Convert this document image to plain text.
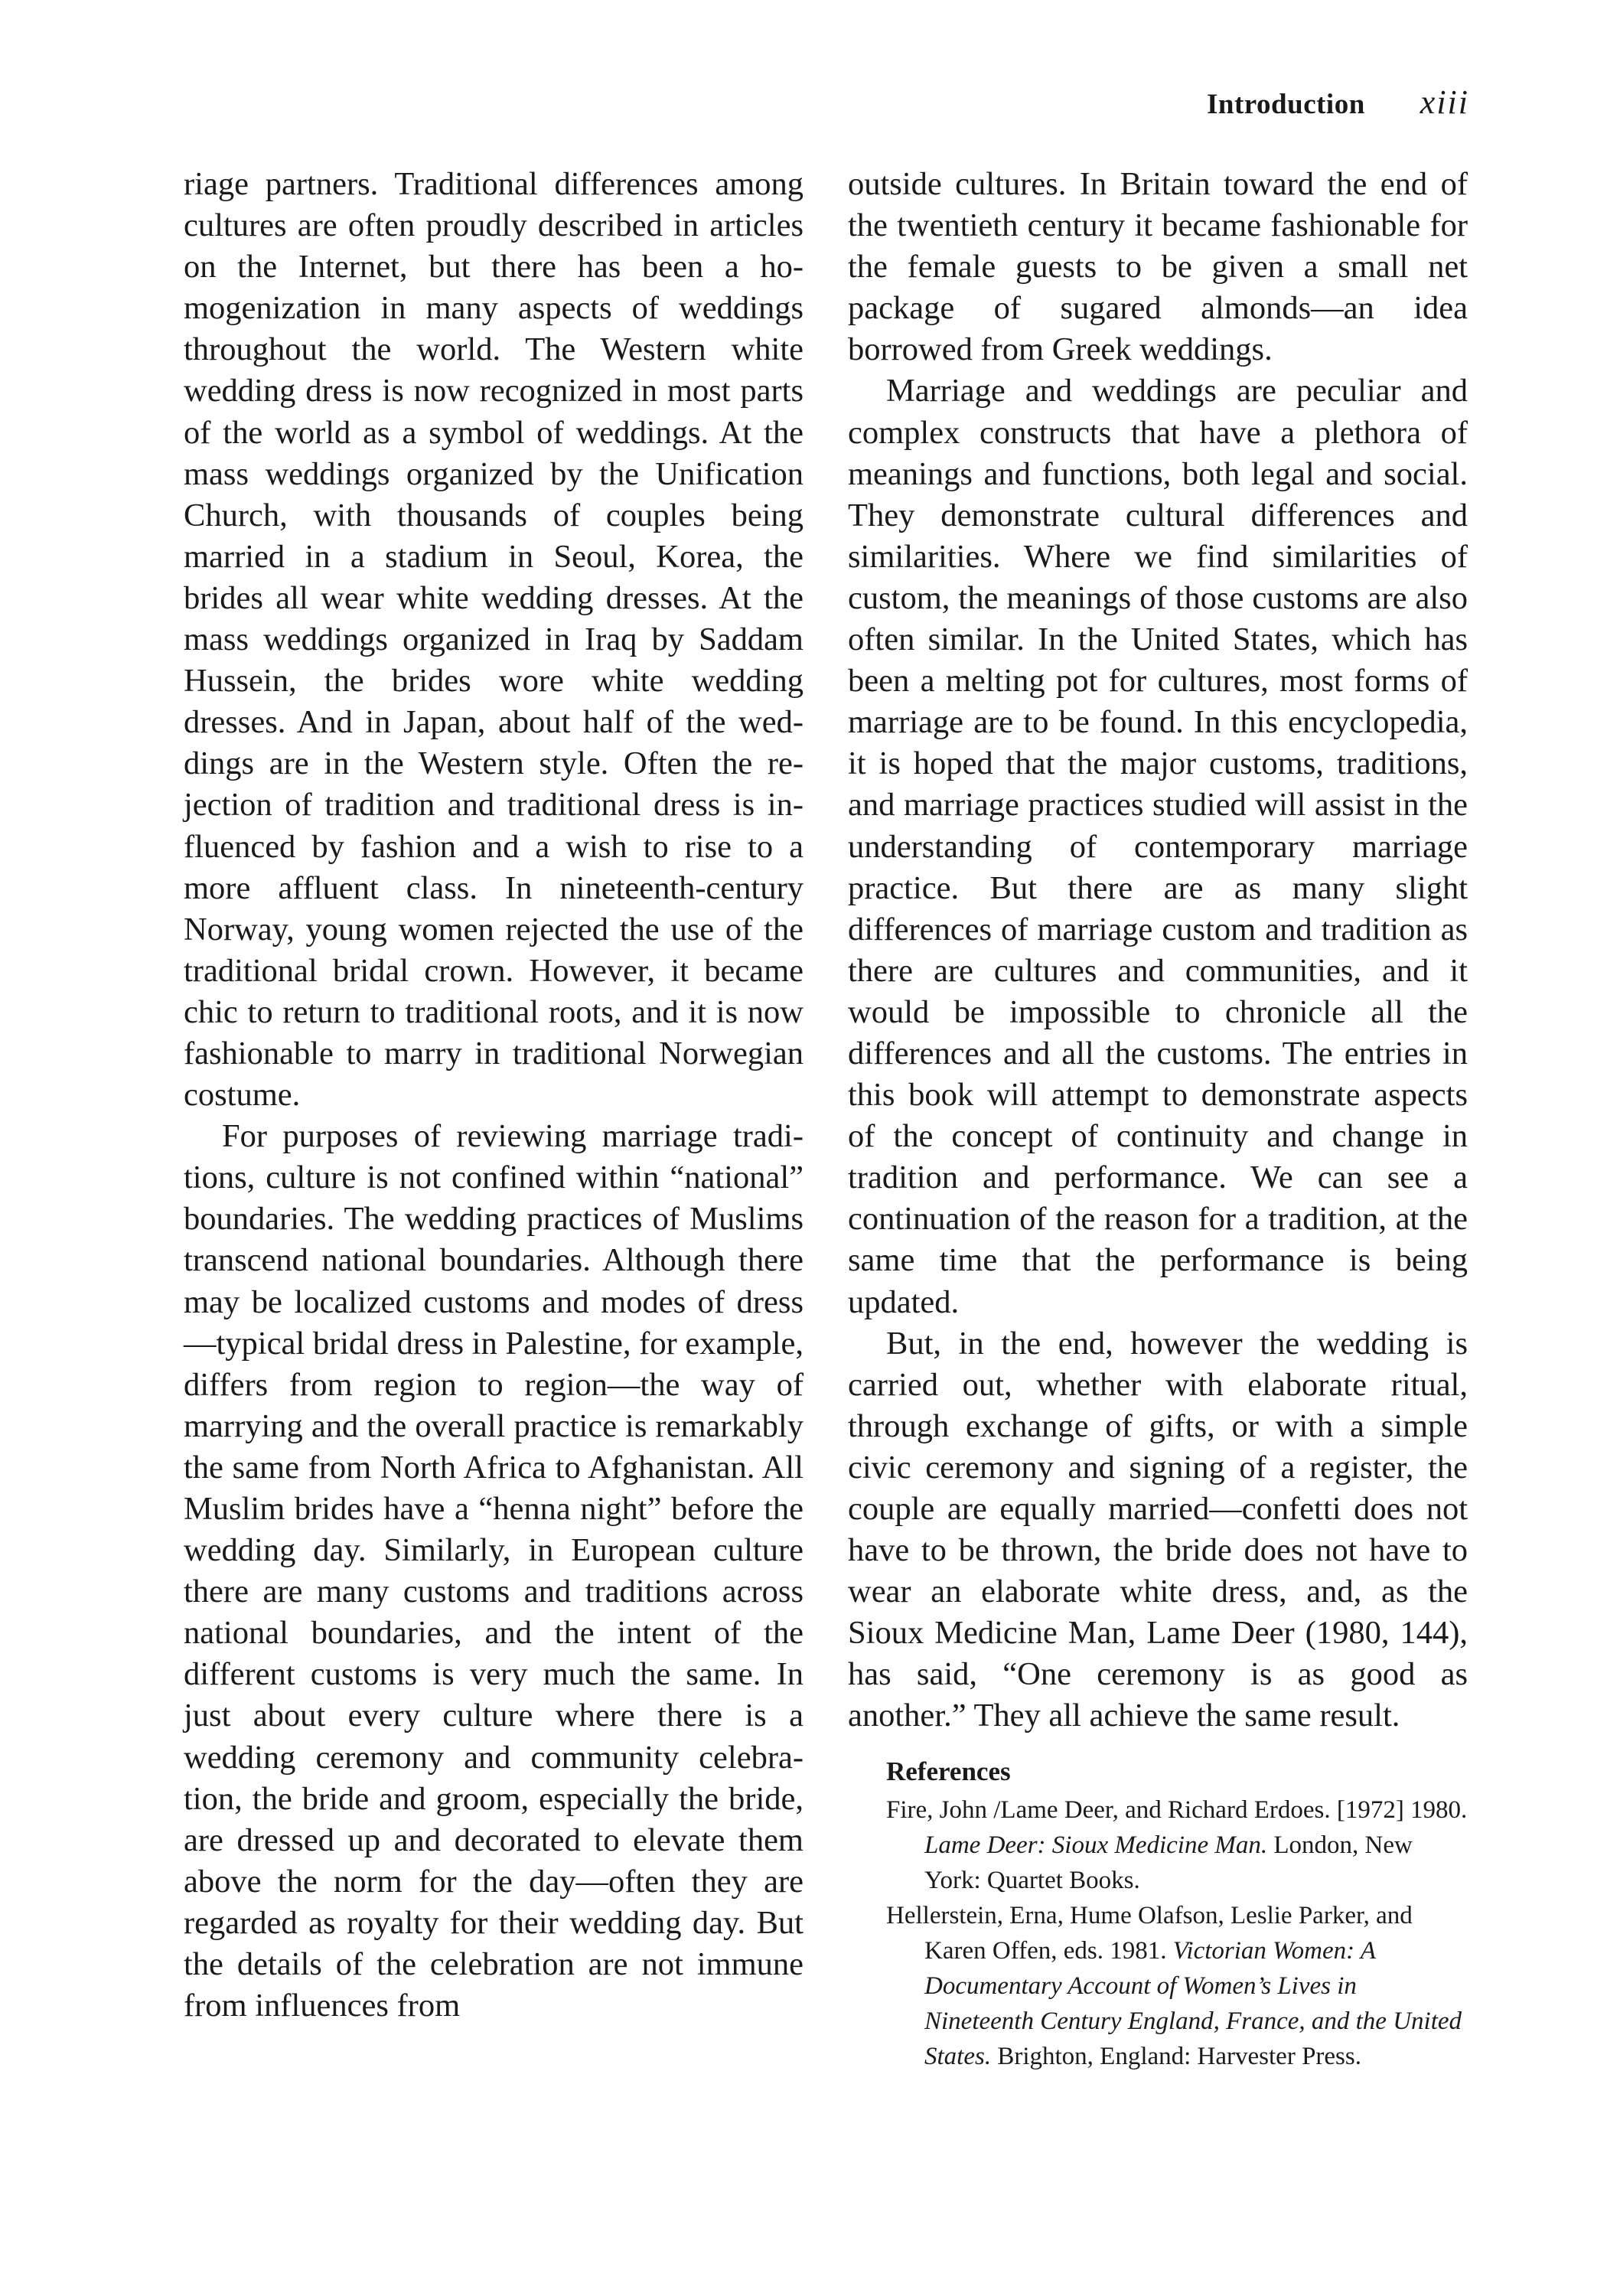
Introduction xiii

riage partners. Traditional differences among cultures are often proudly described in articles on the Internet, but there has been a homogenization in many aspects of weddings throughout the world. The Western white wedding dress is now recognized in most parts of the world as a symbol of weddings. At the mass weddings organized by the Unification Church, with thousands of couples being married in a stadium in Seoul, Korea, the brides all wear white wedding dresses. At the mass weddings organized in Iraq by Saddam Hussein, the brides wore white wedding dresses. And in Japan, about half of the weddings are in the Western style. Often the rejection of tradition and traditional dress is influenced by fashion and a wish to rise to a more affluent class. In nineteenth-century Norway, young women rejected the use of the traditional bridal crown. However, it became chic to return to traditional roots, and it is now fashionable to marry in traditional Norwegian costume.

For purposes of reviewing marriage traditions, culture is not confined within “national” boundaries. The wedding practices of Muslims transcend national boundaries. Although there may be localized customs and modes of dress—typical bridal dress in Palestine, for example, differs from region to region—the way of marrying and the overall practice is remarkably the same from North Africa to Afghanistan. All Muslim brides have a “henna night” before the wedding day. Similarly, in European culture there are many customs and traditions across national boundaries, and the intent of the different customs is very much the same. In just about every culture where there is a wedding ceremony and community celebration, the bride and groom, especially the bride, are dressed up and decorated to elevate them above the norm for the day—often they are regarded as royalty for their wedding day. But the details of the celebration are not immune from influences from

outside cultures. In Britain toward the end of the twentieth century it became fashionable for the female guests to be given a small net package of sugared almonds—an idea borrowed from Greek weddings.

Marriage and weddings are peculiar and complex constructs that have a plethora of meanings and functions, both legal and social. They demonstrate cultural differences and similarities. Where we find similarities of custom, the meanings of those customs are also often similar. In the United States, which has been a melting pot for cultures, most forms of marriage are to be found. In this encyclopedia, it is hoped that the major customs, traditions, and marriage practices studied will assist in the understanding of contemporary marriage practice. But there are as many slight differences of marriage custom and tradition as there are cultures and communities, and it would be impossible to chronicle all the differences and all the customs. The entries in this book will attempt to demonstrate aspects of the concept of continuity and change in tradition and performance. We can see a continuation of the reason for a tradition, at the same time that the performance is being updated.

But, in the end, however the wedding is carried out, whether with elaborate ritual, through exchange of gifts, or with a simple civic ceremony and signing of a register, the couple are equally married—confetti does not have to be thrown, the bride does not have to wear an elaborate white dress, and, as the Sioux Medicine Man, Lame Deer (1980, 144), has said, “One ceremony is as good as another.” They all achieve the same result.

References

Fire, John /Lame Deer, and Richard Erdoes. [1972] 1980. Lame Deer: Sioux Medicine Man. London, New York: Quartet Books.

Hellerstein, Erna, Hume Olafson, Leslie Parker, and Karen Offen, eds. 1981. Victorian Women: A Documentary Account of Women’s Lives in Nineteenth Century England, France, and the United States. Brighton, England: Harvester Press.
